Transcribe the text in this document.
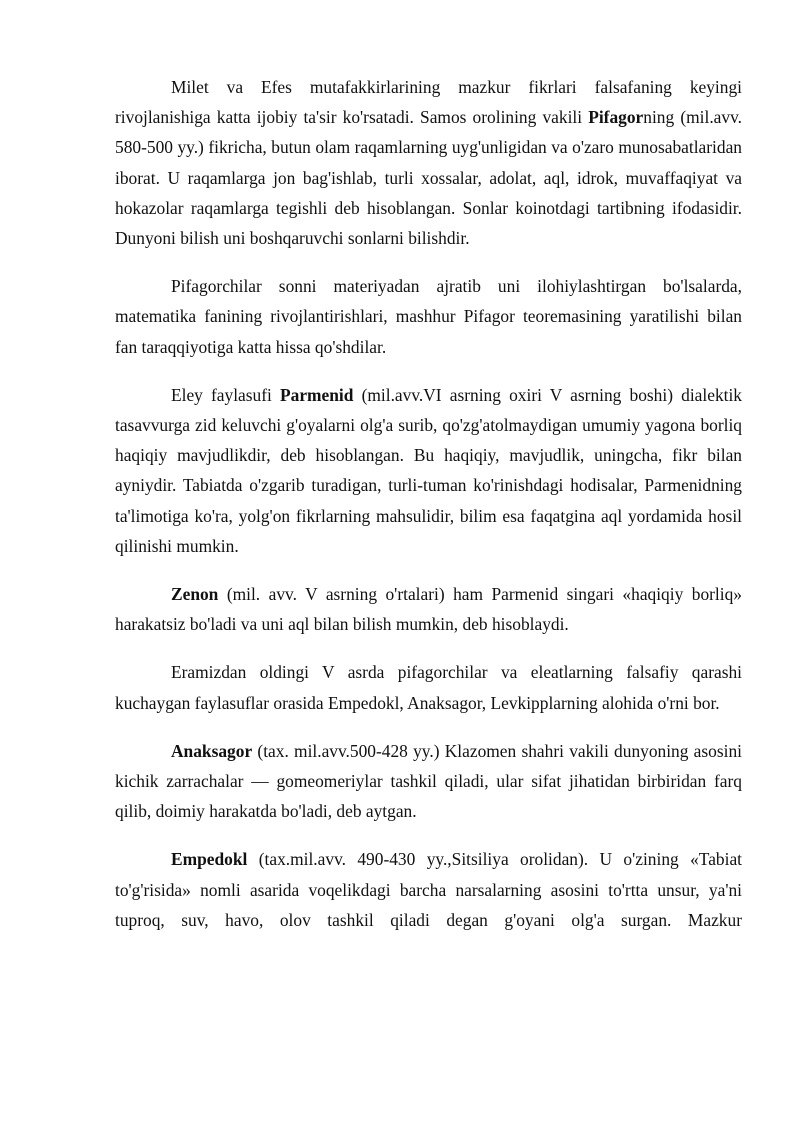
Milet va Efes mutafakkirlarining mazkur fikrlari falsafaning keyingi rivojlanishiga katta ijobiy ta'sir ko'rsatadi. Samos orolining vakili Pifagorning (mil.avv. 580-500 yy.) fikricha, butun olam raqamlarning uyg'unligidan va o'zaro munosabatlaridan iborat. U raqamlarga jon bag'ishlab, turli xossalar, adolat, aql, idrok, muvaffaqiyat va hokazolar raqamlarga tegishli deb hisoblangan. Sonlar koinotdagi tartibning ifodasidir. Dunyoni bilish uni boshqaruvchi sonlarni bilishdir.

Pifagorchilar sonni materiyadan ajratib uni ilohiylashtirgan bo'lsalarda, matematika fanining rivojlantirishlari, mashhur Pifagor teoremasining yaratilishi bilan fan taraqqiyotiga katta hissa qo'shdilar.

Eley faylasufi Parmenid (mil.avv.VI asrning oxiri V asrning boshi) dialektik tasavvurga zid keluvchi g'oyalarni olg'a surib, qo'zg'atolmaydigan umumiy yagona borliq haqiqiy mavjudlikdir, deb hisoblangan. Bu haqiqiy, mavjudlik, uningcha, fikr bilan ayniydir. Tabiatda o'zgarib turadigan, turli-tuman ko'rinishdagi hodisalar, Parmenidning ta'limotiga ko'ra, yolg'on fikrlarning mahsulidir, bilim esa faqatgina aql yordamida hosil qilinishi mumkin.

Zenon (mil. avv. V asrning o'rtalari) ham Parmenid singari «haqiqiy borliq» harakatsiz bo'ladi va uni aql bilan bilish mumkin, deb hisoblaydi.

Eramizdan oldingi V asrda pifagorchilar va eleatlarning falsafiy qarashi kuchaygan faylasuflar orasida Empedokl, Anaksagor, Levkipplarning alohida o'rni bor.

Anaksagor (tax. mil.avv.500-428 yy.) Klazomen shahri vakili dunyoning asosini kichik zarrachalar — gomeomeriylar tashkil qiladi, ular sifat jihatidan birbiridan farq qilib, doimiy harakatda bo'ladi, deb aytgan.

Empedokl (tax.mil.avv. 490-430 yy.,Sitsiliya orolidan). U o'zining «Tabiat to'g'risida» nomli asarida voqelikdagi barcha narsalarning asosini to'rtta unsur, ya'ni tuproq, suv, havo, olov tashkil qiladi degan g'oyani olg'a surgan. Mazkur
